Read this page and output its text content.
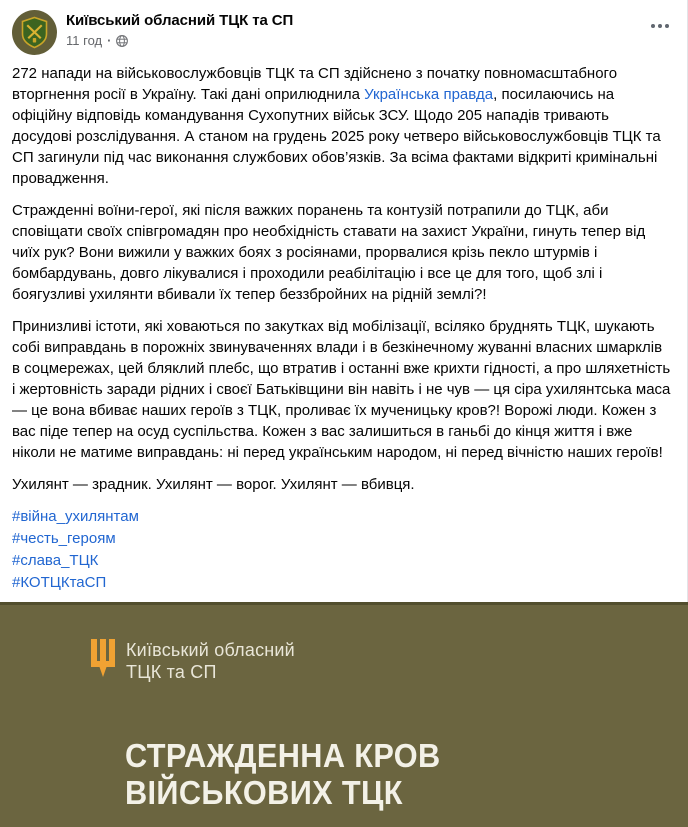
Київський обласний ТЦК та СП
11 год ·

272 напади на військовослужбовців ТЦК та СП здійснено з початку повномасштабного вторгнення росії в Україну. Такі дані оприлюднила Українська правда, посилаючись на офіційну відповідь командування Сухопутних військ ЗСУ. Щодо 205 нападів тривають досудові розслідування. А станом на грудень 2025 року четверо військовослужбовців ТЦК та СП загинули під час виконання службових обов’язків. За всіма фактами відкриті кримінальні провадження.

Стражденні воїни-герої, які після важких поранень та контузій потрапили до ТЦК, аби сповіщати своїх співгромадян про необхідність ставати на захист України, гинуть тепер від чиїх рук? Вони вижили у важких боях з росіянами, прорвалися крізь пекло штурмів і бомбардувань, довго лікувалися і проходили реабілітацію і все це для того, щоб злі і боягузливі ухилянти вбивали їх тепер беззбройних на рідній землі?!

Принизливі істоти, які ховаються по закутках від мобілізації, всіляко бруднять ТЦК, шукають собі виправдань в порожніх звинуваченнях влади і в безкінечному жуванні власних шмарклів в соцмережах, цей бляклий плебс, що втратив і останні вже крихти гідності, а про шляхетність і жертовність заради рідних і своєї Батьківщини він навіть і не чув — ця сіра ухилянтська маса — це вона вбиває наших героїв з ТЦК, проливає їх мученицьку кров?! Ворожі люди. Кожен з вас піде тепер на осуд суспільства. Кожен з вас залишиться в ганьбі до кінця життя і вже ніколи не матиме виправдань: ні перед українським народом, ні перед вічністю наших героїв!

Ухилянт — зрадник. Ухилянт — ворог. Ухилянт — вбивця.

#війна_ухилянтам
#честь_героям
#слава_ТЦК
#КОТЦКтаСП
Київський обласний
ТЦК та СП
СТРАЖДЕННА КРОВ
ВІЙСЬКОВИХ ТЦК
